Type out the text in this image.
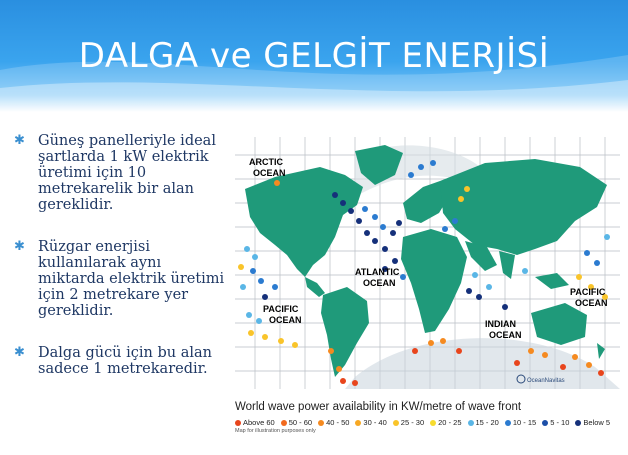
DALGA ve GELGİT ENERJİSİ
✱ Güneş panelleriyle ideal şartlarda 1 kW elektrik üretimi için 10 metrekarelik bir alan gereklidir.
✱ Rüzgar enerjisi kullanılarak aynı miktarda elektrik üretimi için 2 metrekare yer gereklidir.
✱ Dalga gücü için bu alan sadece 1 metrekaredir.
ARCTIC
OCEAN
ATLANTIC
OCEAN
PACIFIC
OCEAN
PACIFIC
OCEAN
INDIAN
OCEAN
OceanNavitas
World wave power availability in KW/metre of wave front
Above 60 50 - 60 40 - 50 30 - 40 25 - 30 20 - 25 15 - 20 10 - 15 5 - 10 Below 5
Map for illustration purposes only
